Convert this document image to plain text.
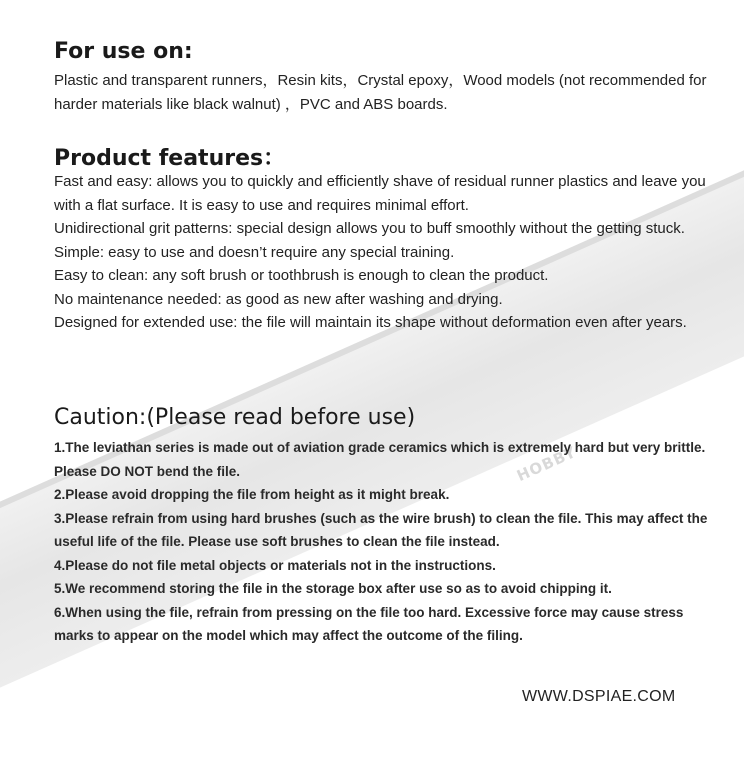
HOBBY
For use on:

Plastic and transparent runners，Resin kits，Crystal epoxy，Wood models (not recommended for harder materials like black walnut) ，PVC and ABS boards.

Product features：
Fast and easy: allows you to quickly and efficiently shave of residual runner plastics and leave you with a flat surface. It is easy to use and requires minimal effort.
Unidirectional grit patterns: special design allows you to buff smoothly without the getting stuck.
Simple: easy to use and doesn’t require any special training.
Easy to clean: any soft brush or toothbrush is enough to clean the product.
No maintenance needed: as good as new after washing and drying.
Designed for extended use: the file will maintain its shape without deformation even after years.
Caution:(Please read before use)
1.The leviathan series is made out of aviation grade ceramics which is extremely hard but very brittle. Please DO NOT bend the file.
2.Please avoid dropping the file from height as it might break.
3.Please refrain from using hard brushes (such as the wire brush) to clean the file. This may affect the useful life of the file. Please use soft brushes to clean the file instead.
4.Please do not file metal objects or materials not in the instructions.
5.We recommend storing the file in the storage box after use so as to avoid chipping it.
6.When using the file, refrain from pressing on the file too hard. Excessive force may cause stress marks to appear on the model which may affect the outcome of the filing.
WWW.DSPIAE.COM
